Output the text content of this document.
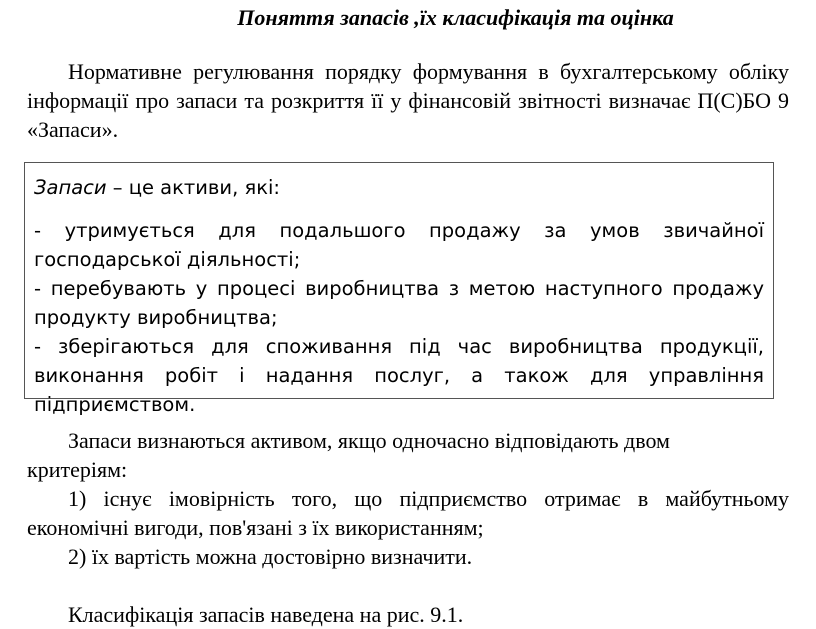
Поняття запасів ,їх класифікація та оцінка
Нормативне регулювання порядку формування в бухгалтерському обліку інформації про запаси та розкриття її у фінансовій звітності визначає П(С)БО 9 «Запаси».

Запаси – це активи, які:

- утримується для подальшого продажу за умов звичайної господарської діяльності;

- перебувають у процесі виробництва з метою наступного продажу продукту виробництва;

- зберігаються для споживання під час виробництва продукції, виконання робіт і надання послуг, а також для управління підприємством.

Запаси визнаються активом, якщо одночасно відповідають двом критеріям:
1) існує імовірність того, що підприємство отримає в майбутньому економічні вигоди, пов'язані з їх використанням;
2) їх вартість можна достовірно визначити.
Класифікація запасів наведена на рис. 9.1.
